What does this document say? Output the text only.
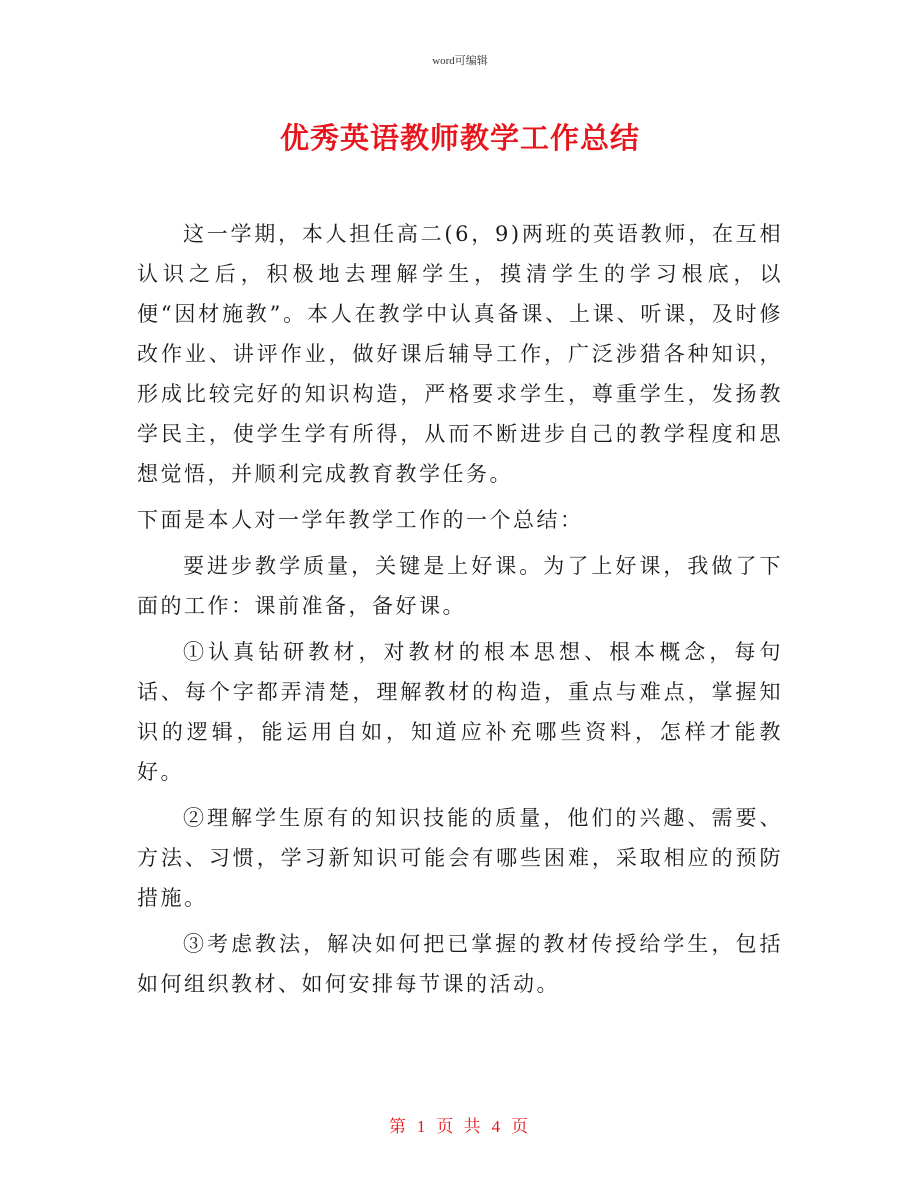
word可编辑
优秀英语教师教学工作总结

这一学期，本人担任高二(6，9)两班的英语教师，在互相认识之后，积极地去理解学生，摸清学生的学习根底，以便“因材施教”。本人在教学中认真备课、上课、听课，及时修改作业、讲评作业，做好课后辅导工作，广泛涉猎各种知识，形成比较完好的知识构造，严格要求学生，尊重学生，发扬教学民主，使学生学有所得，从而不断进步自己的教学程度和思想觉悟，并顺利完成教育教学任务。

下面是本人对一学年教学工作的一个总结：

要进步教学质量，关键是上好课。为了上好课，我做了下面的工作：课前准备，备好课。

①认真钻研教材，对教材的根本思想、根本概念，每句话、每个字都弄清楚，理解教材的构造，重点与难点，掌握知识的逻辑，能运用自如，知道应补充哪些资料，怎样才能教好。

②理解学生原有的知识技能的质量，他们的兴趣、需要、方法、习惯，学习新知识可能会有哪些困难，采取相应的预防措施。

③考虑教法，解决如何把已掌握的教材传授给学生，包括如何组织教材、如何安排每节课的活动。

第 1 页 共 4 页
